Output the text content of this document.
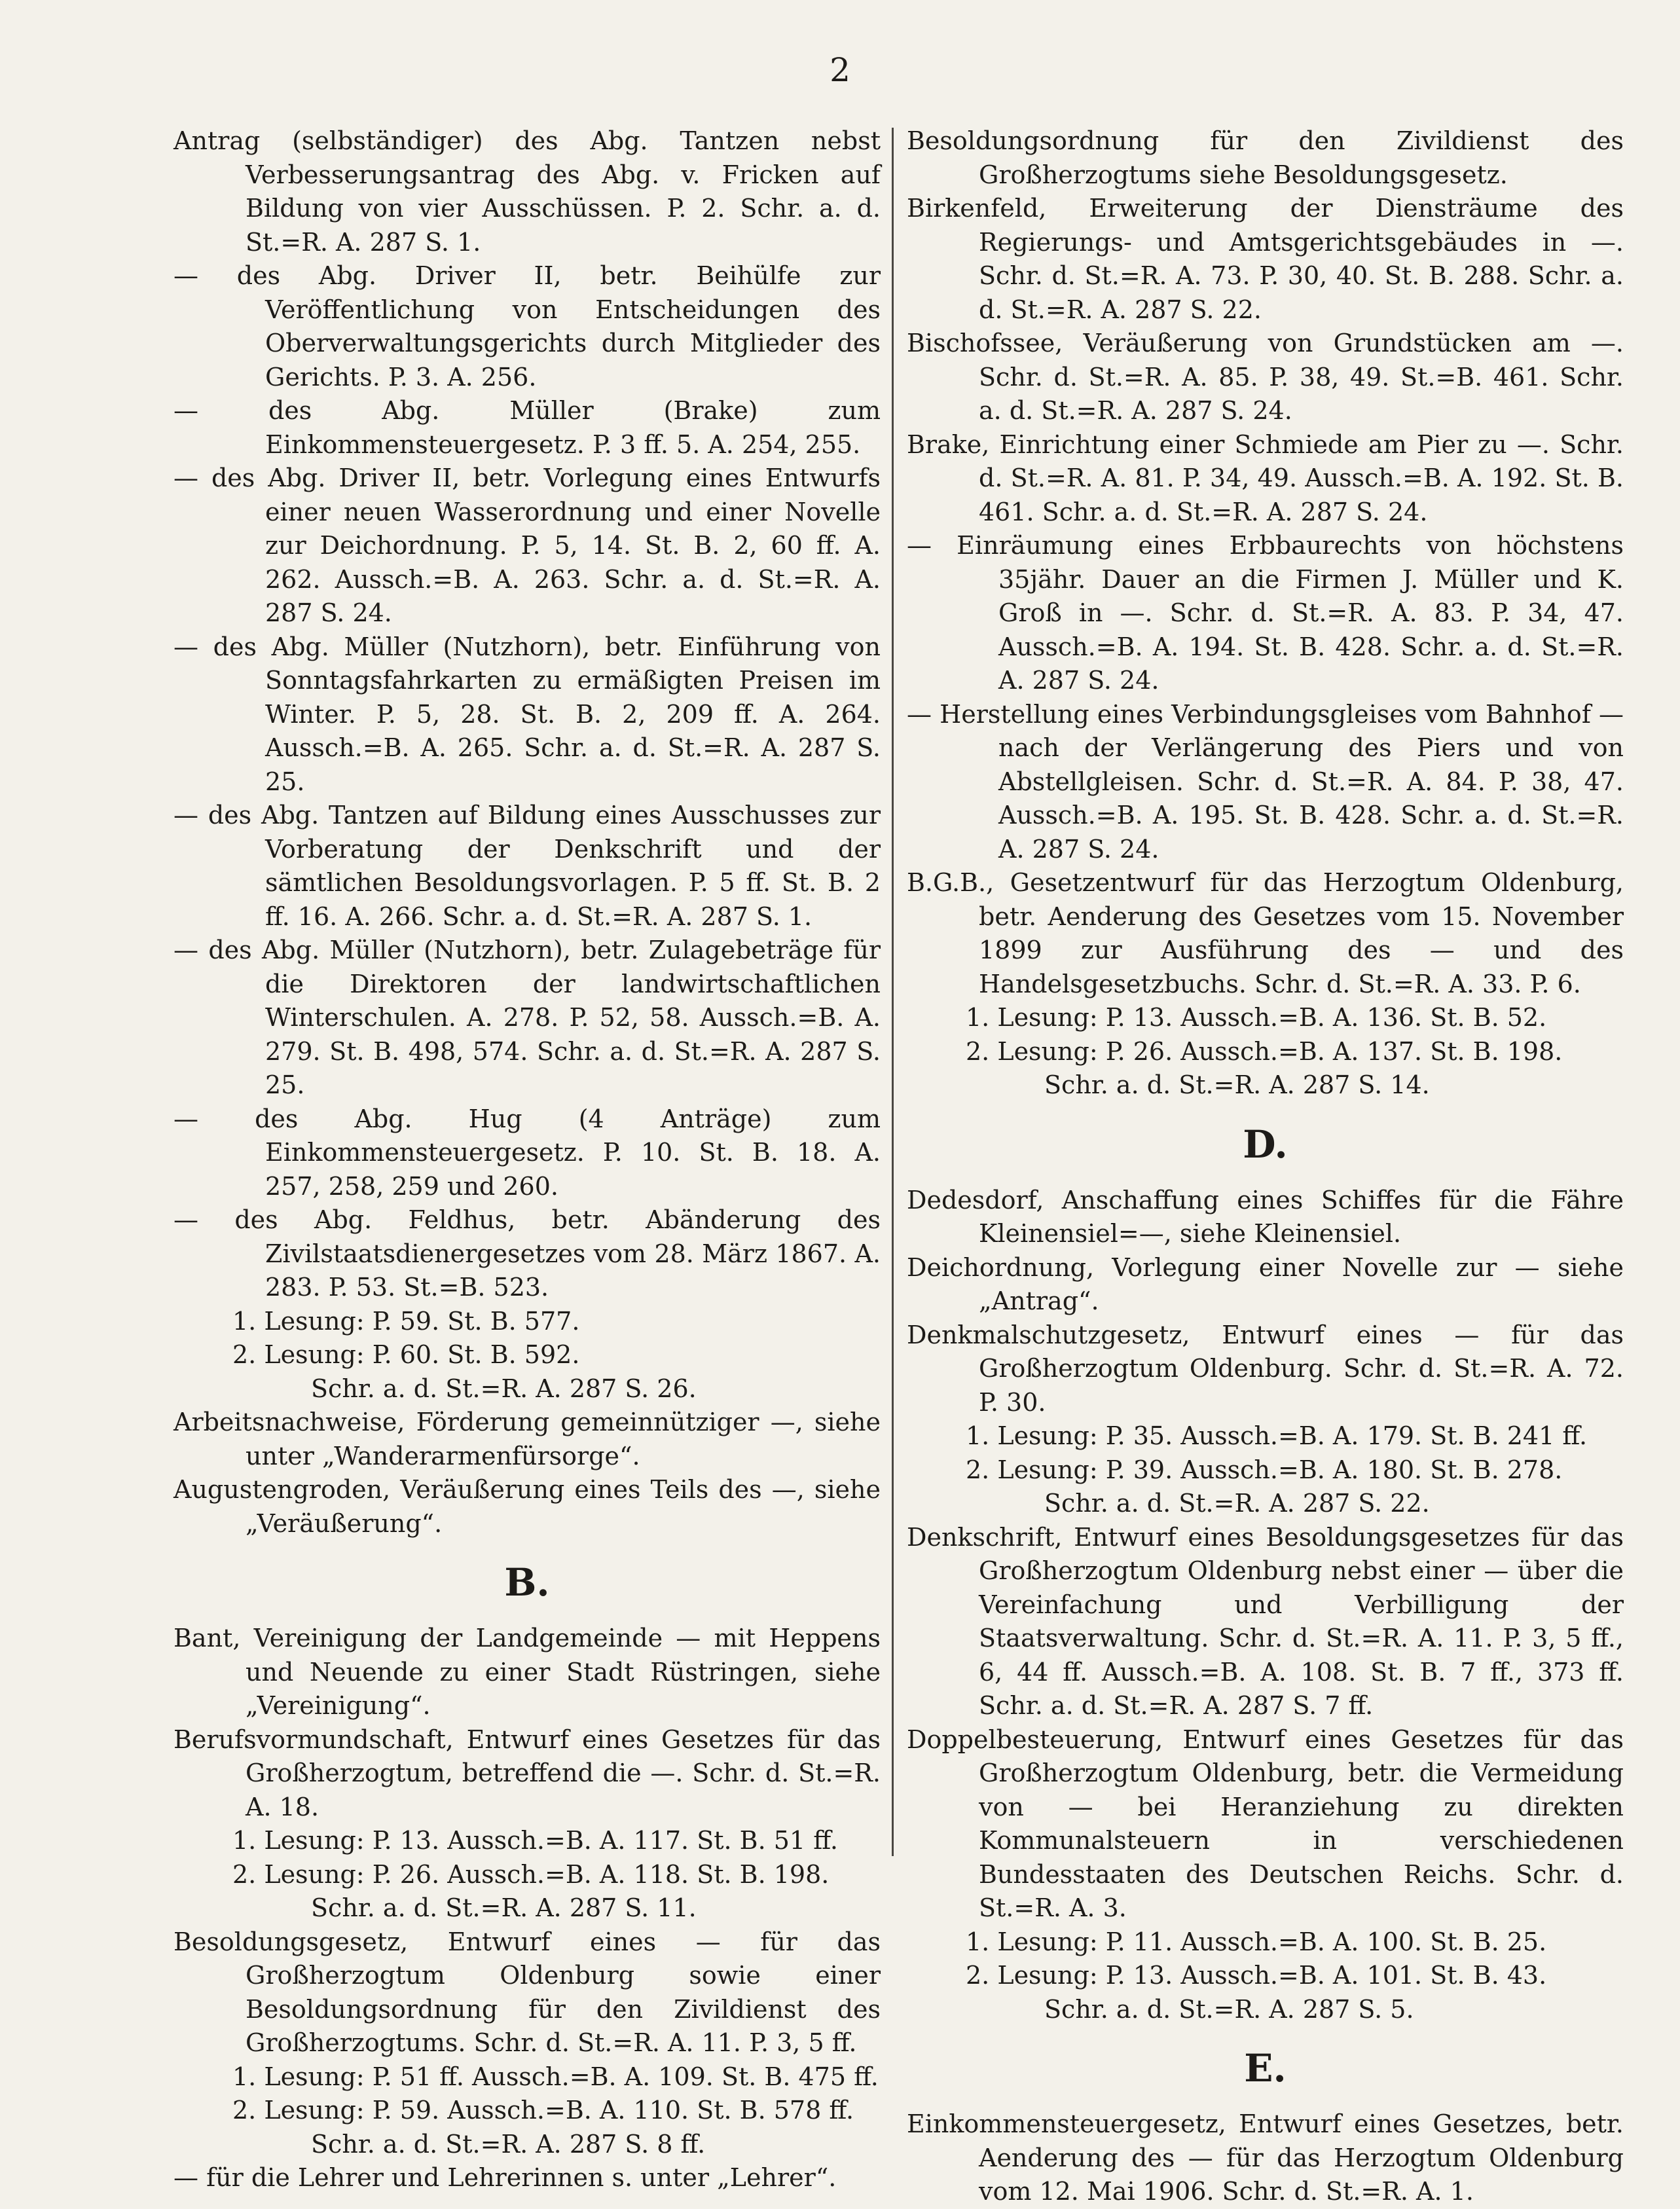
2
Antrag (selbständiger) des Abg. Tantzen nebst Verbesserungsantrag des Abg. v. Fricken auf Bildung von vier Ausschüssen. P. 2. Schr. a. d. St.=R. A. 287 S. 1.
— des Abg. Driver II, betr. Beihülfe zur Veröffentlichung von Entscheidungen des Oberverwaltungsgerichts durch Mitglieder des Gerichts. P. 3. A. 256.
— des Abg. Müller (Brake) zum Einkommensteuergesetz. P. 3 ff. 5. A. 254, 255.
— des Abg. Driver II, betr. Vorlegung eines Entwurfs einer neuen Wasserordnung und einer Novelle zur Deichordnung. P. 5, 14. St. B. 2, 60 ff. A. 262. Aussch.=B. A. 263. Schr. a. d. St.=R. A. 287 S. 24.
— des Abg. Müller (Nutzhorn), betr. Einführung von Sonntagsfahrkarten zu ermäßigten Preisen im Winter. P. 5, 28. St. B. 2, 209 ff. A. 264. Aussch.=B. A. 265. Schr. a. d. St.=R. A. 287 S. 25.
— des Abg. Tantzen auf Bildung eines Ausschusses zur Vorberatung der Denkschrift und der sämtlichen Besoldungsvorlagen. P. 5 ff. St. B. 2 ff. 16. A. 266. Schr. a. d. St.=R. A. 287 S. 1.
— des Abg. Müller (Nutzhorn), betr. Zulagebeträge für die Direktoren der landwirtschaftlichen Winterschulen. A. 278. P. 52, 58. Aussch.=B. A. 279. St. B. 498, 574. Schr. a. d. St.=R. A. 287 S. 25.
— des Abg. Hug (4 Anträge) zum Einkommensteuergesetz. P. 10. St. B. 18. A. 257, 258, 259 und 260.
— des Abg. Feldhus, betr. Abänderung des Zivilstaatsdienergesetzes vom 28. März 1867. A. 283. P. 53. St.=B. 523.
1. Lesung: P. 59. St. B. 577.
2. Lesung: P. 60. St. B. 592.
Schr. a. d. St.=R. A. 287 S. 26.
Arbeitsnachweise, Förderung gemeinnütziger —, siehe unter „Wanderarmenfürsorge“.
Augustengroden, Veräußerung eines Teils des —, siehe „Veräußerung“.
B.
Bant, Vereinigung der Landgemeinde — mit Heppens und Neuende zu einer Stadt Rüstringen, siehe „Vereinigung“.
Berufsvormundschaft, Entwurf eines Gesetzes für das Großherzogtum, betreffend die —. Schr. d. St.=R. A. 18.
1. Lesung: P. 13. Aussch.=B. A. 117. St. B. 51 ff.
2. Lesung: P. 26. Aussch.=B. A. 118. St. B. 198.
Schr. a. d. St.=R. A. 287 S. 11.
Besoldungsgesetz, Entwurf eines — für das Großherzogtum Oldenburg sowie einer Besoldungsordnung für den Zivildienst des Großherzogtums. Schr. d. St.=R. A. 11. P. 3, 5 ff.
1. Lesung: P. 51 ff. Aussch.=B. A. 109. St. B. 475 ff.
2. Lesung: P. 59. Aussch.=B. A. 110. St. B. 578 ff.
Schr. a. d. St.=R. A. 287 S. 8 ff.
— für die Lehrer und Lehrerinnen s. unter „Lehrer“.
Besoldungsordnung für den Zivildienst des Großherzogtums siehe Besoldungsgesetz.
Birkenfeld, Erweiterung der Diensträume des Regierungs- und Amtsgerichtsgebäudes in —. Schr. d. St.=R. A. 73. P. 30, 40. St. B. 288. Schr. a. d. St.=R. A. 287 S. 22.
Bischofssee, Veräußerung von Grundstücken am —. Schr. d. St.=R. A. 85. P. 38, 49. St.=B. 461. Schr. a. d. St.=R. A. 287 S. 24.
Brake, Einrichtung einer Schmiede am Pier zu —. Schr. d. St.=R. A. 81. P. 34, 49. Aussch.=B. A. 192. St. B. 461. Schr. a. d. St.=R. A. 287 S. 24.
— Einräumung eines Erbbaurechts von höchstens 35jähr. Dauer an die Firmen J. Müller und K. Groß in —. Schr. d. St.=R. A. 83. P. 34, 47. Aussch.=B. A. 194. St. B. 428. Schr. a. d. St.=R. A. 287 S. 24.
— Herstellung eines Verbindungsgleises vom Bahnhof — nach der Verlängerung des Piers und von Abstellgleisen. Schr. d. St.=R. A. 84. P. 38, 47. Aussch.=B. A. 195. St. B. 428. Schr. a. d. St.=R. A. 287 S. 24.
B.G.B., Gesetzentwurf für das Herzogtum Oldenburg, betr. Aenderung des Gesetzes vom 15. November 1899 zur Ausführung des — und des Handelsgesetzbuchs. Schr. d. St.=R. A. 33. P. 6.
1. Lesung: P. 13. Aussch.=B. A. 136. St. B. 52.
2. Lesung: P. 26. Aussch.=B. A. 137. St. B. 198.
Schr. a. d. St.=R. A. 287 S. 14.
D.
Dedesdorf, Anschaffung eines Schiffes für die Fähre Kleinensiel=—, siehe Kleinensiel.
Deichordnung, Vorlegung einer Novelle zur — siehe „Antrag“.
Denkmalschutzgesetz, Entwurf eines — für das Großherzogtum Oldenburg. Schr. d. St.=R. A. 72. P. 30.
1. Lesung: P. 35. Aussch.=B. A. 179. St. B. 241 ff.
2. Lesung: P. 39. Aussch.=B. A. 180. St. B. 278.
Schr. a. d. St.=R. A. 287 S. 22.
Denkschrift, Entwurf eines Besoldungsgesetzes für das Großherzogtum Oldenburg nebst einer — über die Vereinfachung und Verbilligung der Staatsverwaltung. Schr. d. St.=R. A. 11. P. 3, 5 ff., 6, 44 ff. Aussch.=B. A. 108. St. B. 7 ff., 373 ff. Schr. a. d. St.=R. A. 287 S. 7 ff.
Doppelbesteuerung, Entwurf eines Gesetzes für das Großherzogtum Oldenburg, betr. die Vermeidung von — bei Heranziehung zu direkten Kommunalsteuern in verschiedenen Bundesstaaten des Deutschen Reichs. Schr. d. St.=R. A. 3.
1. Lesung: P. 11. Aussch.=B. A. 100. St. B. 25.
2. Lesung: P. 13. Aussch.=B. A. 101. St. B. 43.
Schr. a. d. St.=R. A. 287 S. 5.
E.
Einkommensteuergesetz, Entwurf eines Gesetzes, betr. Aenderung des — für das Herzogtum Oldenburg vom 12. Mai 1906. Schr. d. St.=R. A. 1.
